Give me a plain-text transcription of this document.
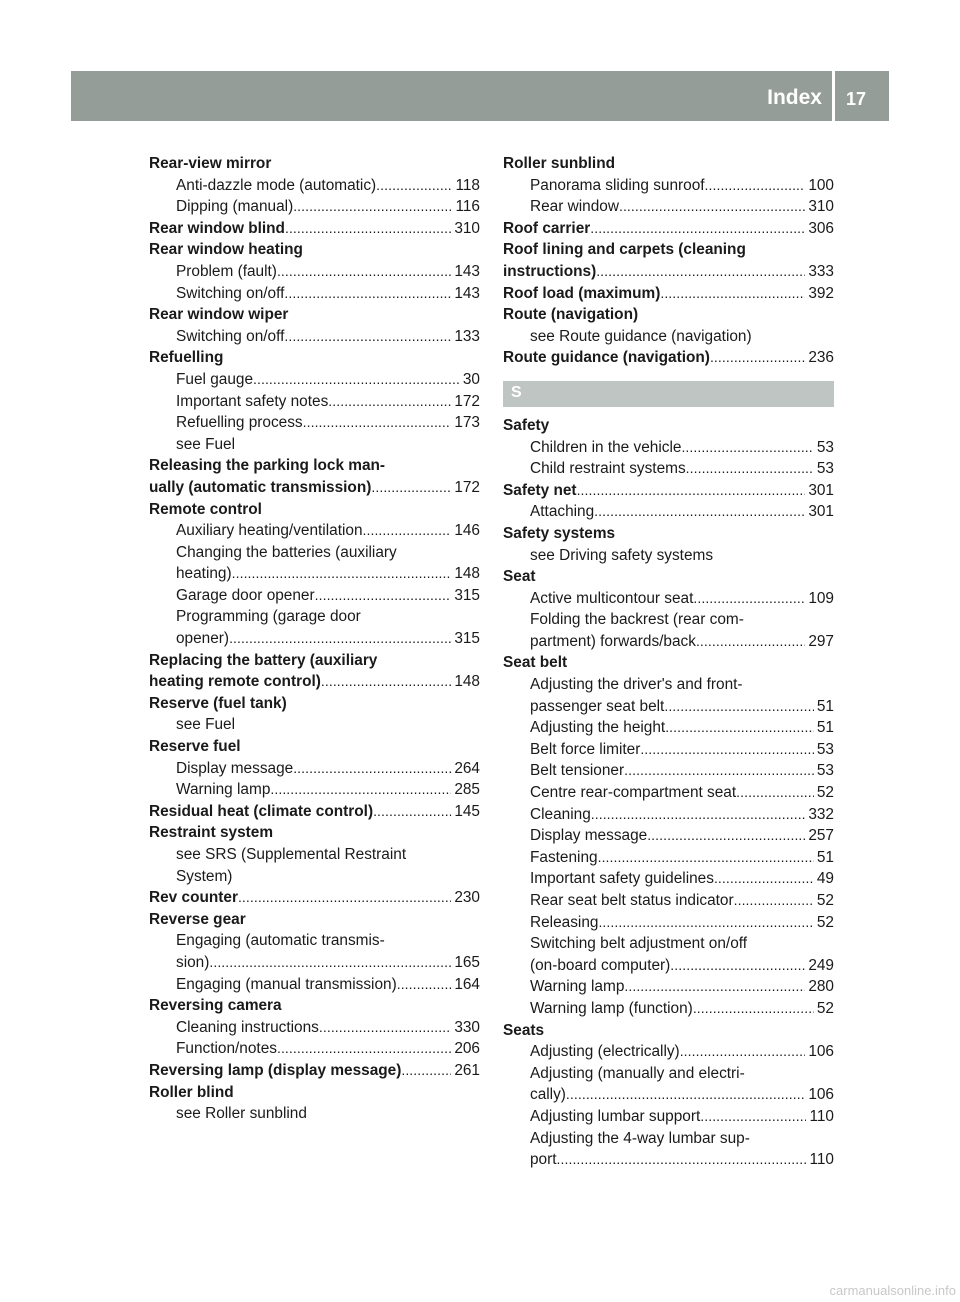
Index 17
Rear-view mirror
Anti-dazzle mode (automatic) . . .	118
Dipping (manual) . . .	116
Rear window blind . . .	310
Rear window heating
Problem (fault) . . .	143
Switching on/off . . .	143
Rear window wiper
Switching on/off . . .	133
Refuelling
Fuel gauge . . .	30
Important safety notes . . .	172
Refuelling process . . .	173
see Fuel
Releasing the parking lock man-
ually (automatic transmission) . . .	172
Remote control
Auxiliary heating/ventilation . . .	146
Changing the batteries (auxiliary
heating) . . .	148
Garage door opener . . .	315
Programming (garage door
opener) . . .	315
Replacing the battery (auxiliary
heating remote control) . . .	148
Reserve (fuel tank)
see Fuel
Reserve fuel
Display message . . .	264
Warning lamp . . .	285
Residual heat (climate control) . . .	145
Restraint system
see SRS (Supplemental Restraint
System)
Rev counter . . .	230
Reverse gear
Engaging (automatic transmis-
sion) . . .	165
Engaging (manual transmission) . . .	164
Reversing camera
Cleaning instructions . . .	330
Function/notes . . .	206
Reversing lamp (display message) . . .	261
Roller blind
see Roller sunblind
Roller sunblind
Panorama sliding sunroof . . .	100
Rear window . . .	310
Roof carrier . . .	306
Roof lining and carpets (cleaning
instructions) . . .	333
Roof load (maximum) . . .	392
Route (navigation)
see Route guidance (navigation)
Route guidance (navigation) . . .	236
S
Safety
Children in the vehicle . . .	53
Child restraint systems . . .	53
Safety net . . .	301
Attaching . . .	301
Safety systems
see Driving safety systems
Seat
Active multicontour seat . . .	109
Folding the backrest (rear com-
partment) forwards/back . . .	297
Seat belt
Adjusting the driver's and front-
passenger seat belt . . .	51
Adjusting the height . . .	51
Belt force limiter . . .	53
Belt tensioner . . .	53
Centre rear-compartment seat . . .	52
Cleaning . . .	332
Display message . . .	257
Fastening . . .	51
Important safety guidelines . . .	49
Rear seat belt status indicator . . .	52
Releasing . . .	52
Switching belt adjustment on/off
(on-board computer) . . .	249
Warning lamp . . .	280
Warning lamp (function) . . .	52
Seats
Adjusting (electrically) . . .	106
Adjusting (manually and electri-
cally) . . .	106
Adjusting lumbar support . . .	110
Adjusting the 4-way lumbar sup-
port . . .	110
carmanualsonline.info
